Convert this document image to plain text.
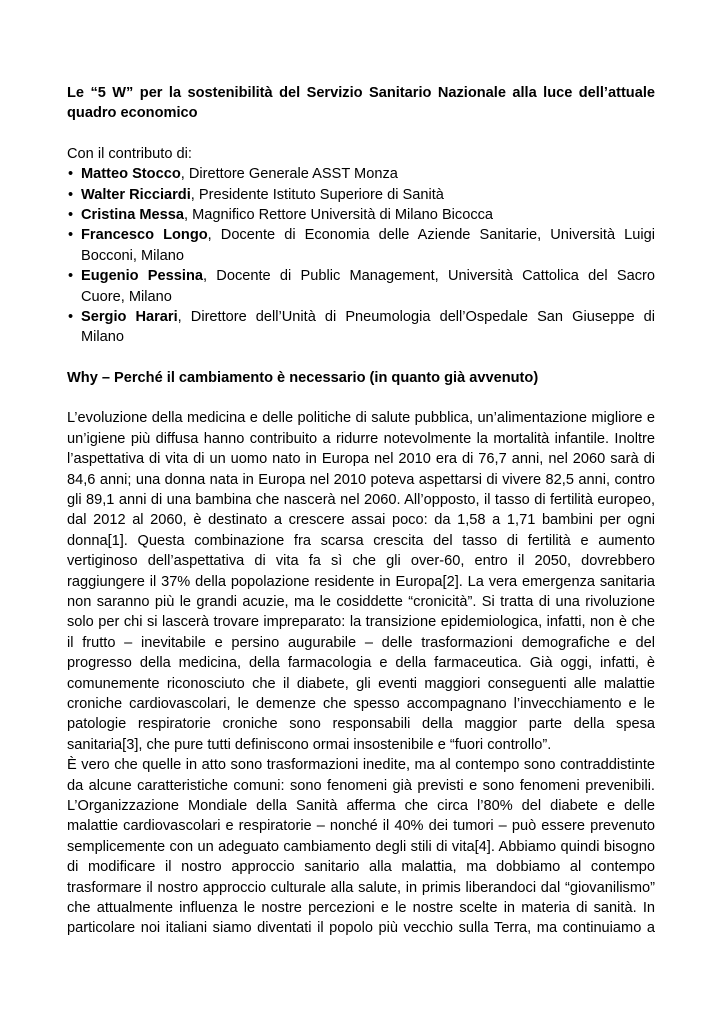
Le “5 W” per la sostenibilità del Servizio Sanitario Nazionale alla luce dell’attuale quadro economico

Con il contributo di:

• Matteo Stocco, Direttore Generale ASST Monza
• Walter Ricciardi, Presidente Istituto Superiore di Sanità
• Cristina Messa, Magnifico Rettore Università di Milano Bicocca
• Francesco Longo, Docente di Economia delle Aziende Sanitarie, Università Luigi Bocconi, Milano
• Eugenio Pessina, Docente di Public Management, Università Cattolica del Sacro Cuore, Milano
• Sergio Harari, Direttore dell’Unità di Pneumologia dell’Ospedale San Giuseppe di Milano

Why – Perché il cambiamento è necessario (in quanto già avvenuto)

L’evoluzione della medicina e delle politiche di salute pubblica, un’alimentazione migliore e un’igiene più diffusa hanno contribuito a ridurre notevolmente la mortalità infantile. Inoltre l’aspettativa di vita di un uomo nato in Europa nel 2010 era di 76,7 anni, nel 2060 sarà di 84,6 anni; una donna nata in Europa nel 2010 poteva aspettarsi di vivere 82,5 anni, contro gli 89,1 anni di una bambina che nascerà nel 2060. All’opposto, il tasso di fertilità europeo, dal 2012 al 2060, è destinato a crescere assai poco: da 1,58 a 1,71 bambini per ogni donna[1]. Questa combinazione fra scarsa crescita del tasso di fertilità e aumento vertiginoso dell’aspettativa di vita fa sì che gli over-60, entro il 2050, dovrebbero raggiungere il 37% della popolazione residente in Europa[2]. La vera emergenza sanitaria non saranno più le grandi acuzie, ma le cosiddette “cronicità”. Si tratta di una rivoluzione solo per chi si lascerà trovare impreparato: la transizione epidemiologica, infatti, non è che il frutto – inevitabile e persino augurabile – delle trasformazioni demografiche e del progresso della medicina, della farmacologia e della farmaceutica. Già oggi, infatti, è comunemente riconosciuto che il diabete, gli eventi maggiori conseguenti alle malattie croniche cardiovascolari, le demenze che spesso accompagnano l’invecchiamento e le patologie respiratorie croniche sono responsabili della maggior parte della spesa sanitaria[3], che pure tutti definiscono ormai insostenibile e “fuori controllo”.

È vero che quelle in atto sono trasformazioni inedite, ma al contempo sono contraddistinte da alcune caratteristiche comuni: sono fenomeni già previsti e sono fenomeni prevenibili. L’Organizzazione Mondiale della Sanità afferma che circa l’80% del diabete e delle malattie cardiovascolari e respiratorie – nonché il 40% dei tumori – può essere prevenuto semplicemente con un adeguato cambiamento degli stili di vita[4]. Abbiamo quindi bisogno di modificare il nostro approccio sanitario alla malattia, ma dobbiamo al contempo trasformare il nostro approccio culturale alla salute, in primis liberandoci dal “giovanilismo” che attualmente influenza le nostre percezioni e le nostre scelte in materia di sanità. In particolare noi italiani siamo diventati il popolo più vecchio sulla Terra, ma continuiamo a
